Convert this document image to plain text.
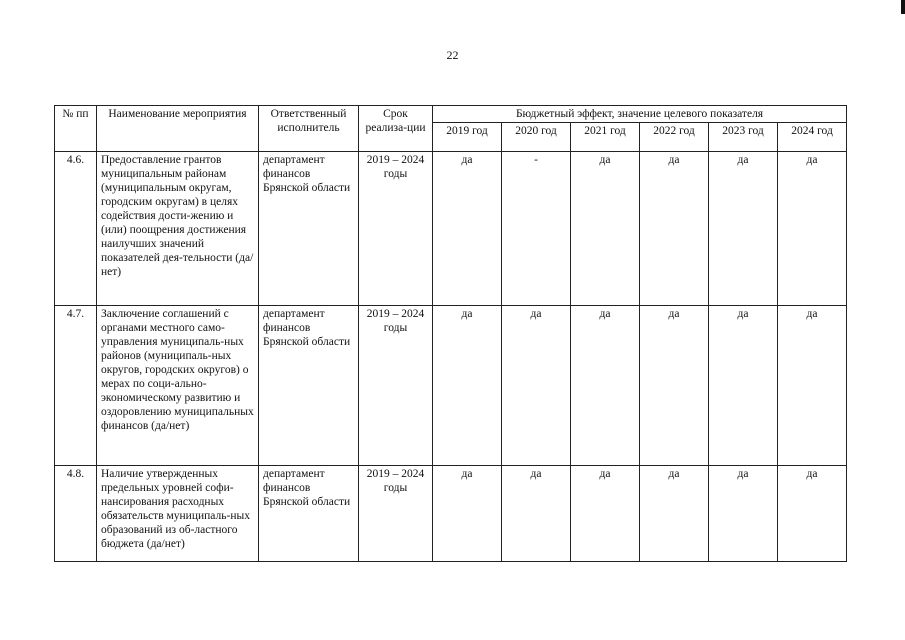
22
№ пп	Наименование мероприятия	Ответственный исполнитель	Срок реализа-ции	Бюджетный эффект, значение целевого показателя					
				2019 год	2020 год	2021 год	2022 год	2023 год	2024 год
4.6.	Предоставление грантов муниципальным районам (муниципальным округам, городским округам) в целях содействия дости-жению и (или) поощрения достижения наилучших значений показателей дея-тельности (да/нет)	департамент финансов Брянской области	2019 – 2024 годы	да	-	да	да	да	да
4.7.	Заключение соглашений с органами местного само-управления муниципаль-ных районов (муниципаль-ных округов, городских округов) о мерах по соци-ально-экономическому развитию и оздоровлению муниципальных финансов (да/нет)	департамент финансов Брянской области	2019 – 2024 годы	да	да	да	да	да	да
4.8.	Наличие утвержденных предельных уровней софи-нансирования расходных обязательств муниципаль-ных образований из об-ластного бюджета (да/нет)	департамент финансов Брянской области	2019 – 2024 годы	да	да	да	да	да	да
